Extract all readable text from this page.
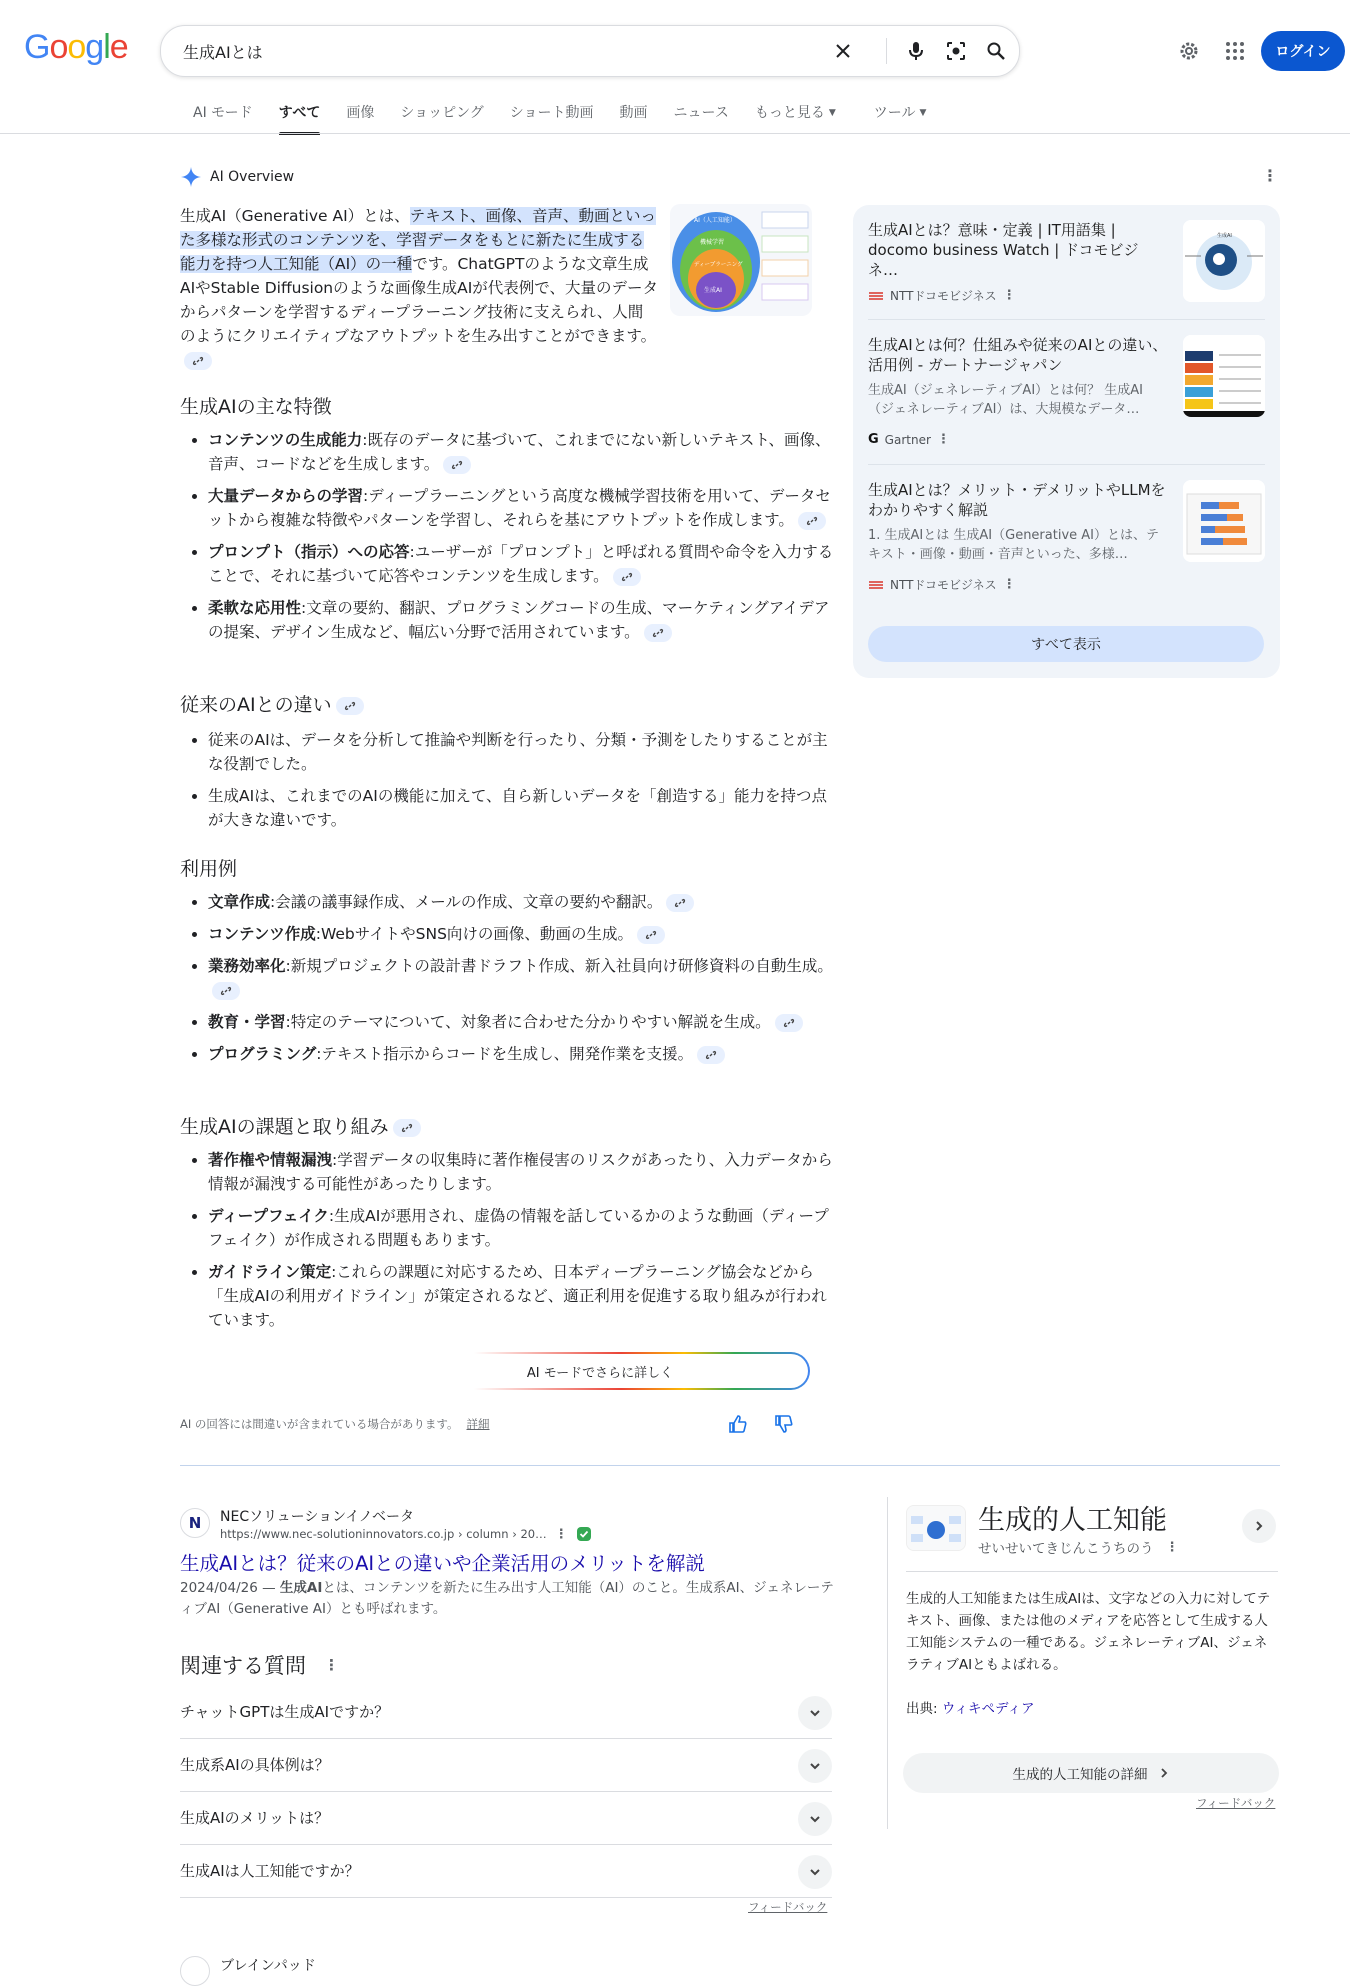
Google
生成AIとは	ログイン
AI モード	すべて	画像	ショッピング	ショート動画	動画	ニュース	もっと見る ▼	ツール ▼
AI Overview	⋮
生成AI（Generative AI）とは、テキスト、画像、音声、動画といった多様な形式のコンテンツを、学習データをもとに新たに生成する能力を持つ人工知能（AI）の一種です。ChatGPTのような文章生成AIやStable Diffusionのような画像生成AIが代表例で、大量のデータからパターンを学習するディープラーニング技術に支えられ、人間のようにクリエイティブなアウトプットを生み出すことができます。
AI（人工知能）
機械学習
ディープラーニング
生成AI
生成AIの主な特徴
• コンテンツの生成能力:既存のデータに基づいて、これまでにない新しいテキスト、画像、音声、コードなどを生成します。
• 大量データからの学習:ディープラーニングという高度な機械学習技術を用いて、データセットから複雑な特徴やパターンを学習し、それらを基にアウトプットを作成します。
• プロンプト（指示）への応答:ユーザーが「プロンプト」と呼ばれる質問や命令を入力することで、それに基づいて応答やコンテンツを生成します。
• 柔軟な応用性:文章の要約、翻訳、プログラミングコードの生成、マーケティングアイデアの提案、デザイン生成など、幅広い分野で活用されています。
従来のAIとの違い
• 従来のAIは、データを分析して推論や判断を行ったり、分類・予測をしたりすることが主な役割でした。
• 生成AIは、これまでのAIの機能に加えて、自ら新しいデータを「創造する」能力を持つ点が大きな違いです。
利用例
• 文章作成:会議の議事録作成、メールの作成、文章の要約や翻訳。
• コンテンツ作成:WebサイトやSNS向けの画像、動画の生成。
• 業務効率化:新規プロジェクトの設計書ドラフト作成、新入社員向け研修資料の自動生成。
• 教育・学習:特定のテーマについて、対象者に合わせた分かりやすい解説を生成。
• プログラミング:テキスト指示からコードを生成し、開発作業を支援。
生成AIの課題と取り組み
• 著作権や情報漏洩:学習データの収集時に著作権侵害のリスクがあったり、入力データから情報が漏洩する可能性があったりします。
• ディープフェイク:生成AIが悪用され、虚偽の情報を話しているかのような動画（ディープフェイク）が作成される問題もあります。
• ガイドライン策定:これらの課題に対応するため、日本ディープラーニング協会などから「生成AIの利用ガイドライン」が策定されるなど、適正利用を促進する取り組みが行われています。
AI モードでさらに詳しく
AI の回答には間違いが含まれている場合があります。 詳細
生成AIとは？意味・定義 | IT用語集 | docomo business Watch | ドコモビジネ…
NTTドコモビジネス ⋮
生成AI
生成AIとは何？仕組みや従来のAIとの違い、活用例 - ガートナージャパン
生成AI（ジェネレーティブAI）とは何？ 生成AI（ジェネレーティブAI）は、大規模なデータ…
G Gartner ⋮
生成AIとは？メリット・デメリットやLLMをわかりやすく解説
1. 生成AIとは 生成AI（Generative AI）とは、テキスト・画像・動画・音声といった、多様…
NTTドコモビジネス ⋮
すべて表示
N	NECソリューションイノベータ
https://www.nec-solutioninnovators.co.jp › column › 20… ⋮
生成AIとは？従来のAIとの違いや企業活用のメリットを解説
2024/04/26 — 生成AIとは、コンテンツを新たに生み出す人工知能（AI）のこと。生成系AI、ジェネレーティブAI（Generative AI）とも呼ばれます。
関連する質問 ⋮
チャットGPTは生成AIですか？
生成系AIの具体例は？
生成AIのメリットは？
生成AIは人工知能ですか？
フィードバック
生成的人工知能
せいせいてきじんこうちのう ⋮
生成的人工知能または生成AIは、文字などの入力に対してテキスト、画像、または他のメディアを応答として生成する人工知能システムの一種である。ジェネレーティブAI、ジェネラティブAIともよばれる。
出典: ウィキペディア
生成的人工知能の詳細
フィードバック
ブレインパッド
